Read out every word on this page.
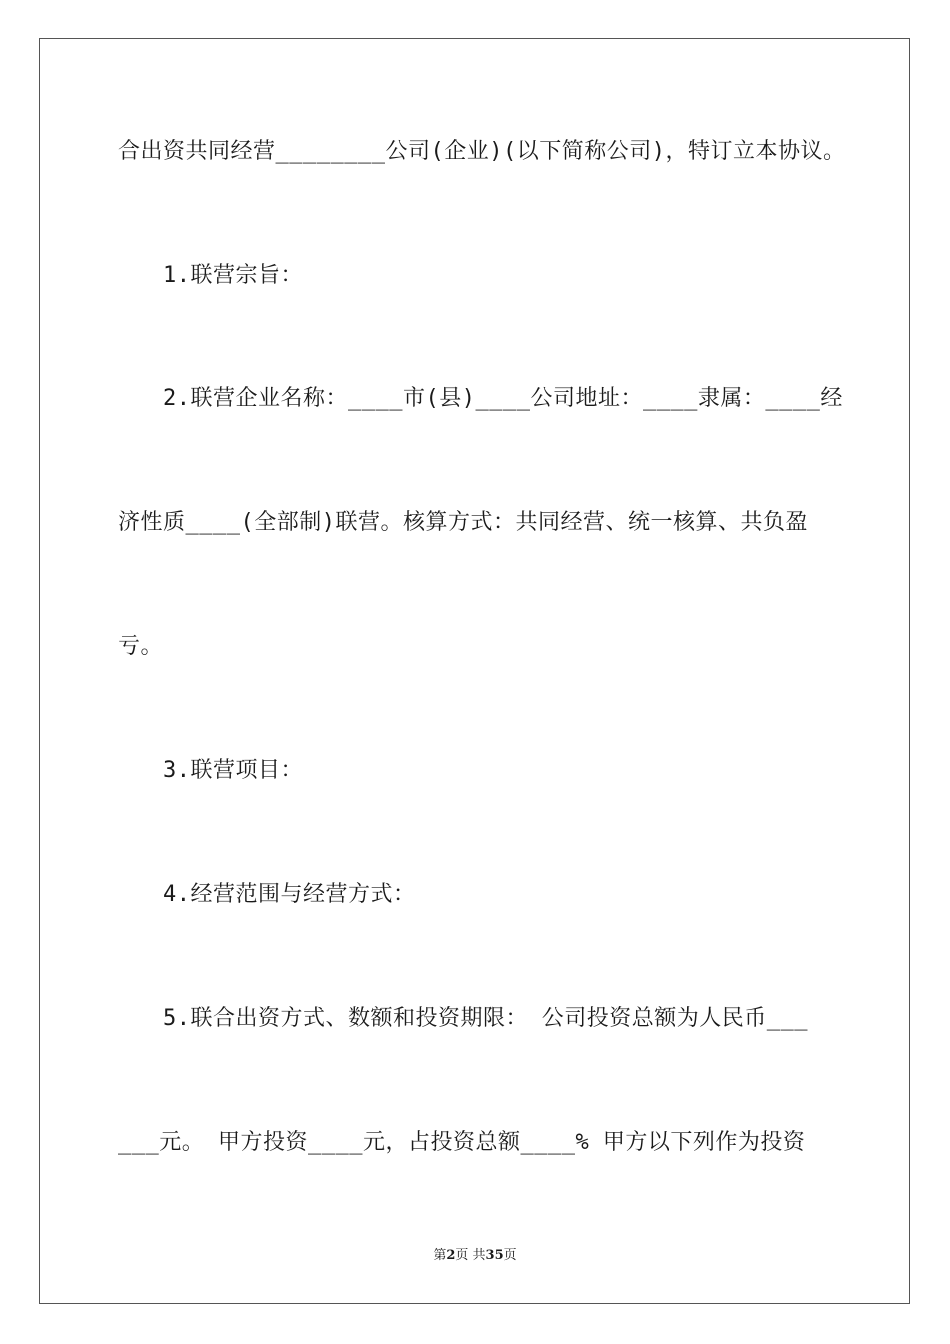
合出资共同经营________公司(企业)(以下简称公司)，特订立本协议。
1.联营宗旨：
2.联营企业名称：____市(县)____公司地址：____隶属：____经
济性质____(全部制)联营。核算方式：共同经营、统一核算、共负盈
亏。
3.联营项目：
4.经营范围与经营方式：
5.联合出资方式、数额和投资期限： 公司投资总额为人民币___
___元。 甲方投资____元，占投资总额____% 甲方以下列作为投资
第2页 共35页
